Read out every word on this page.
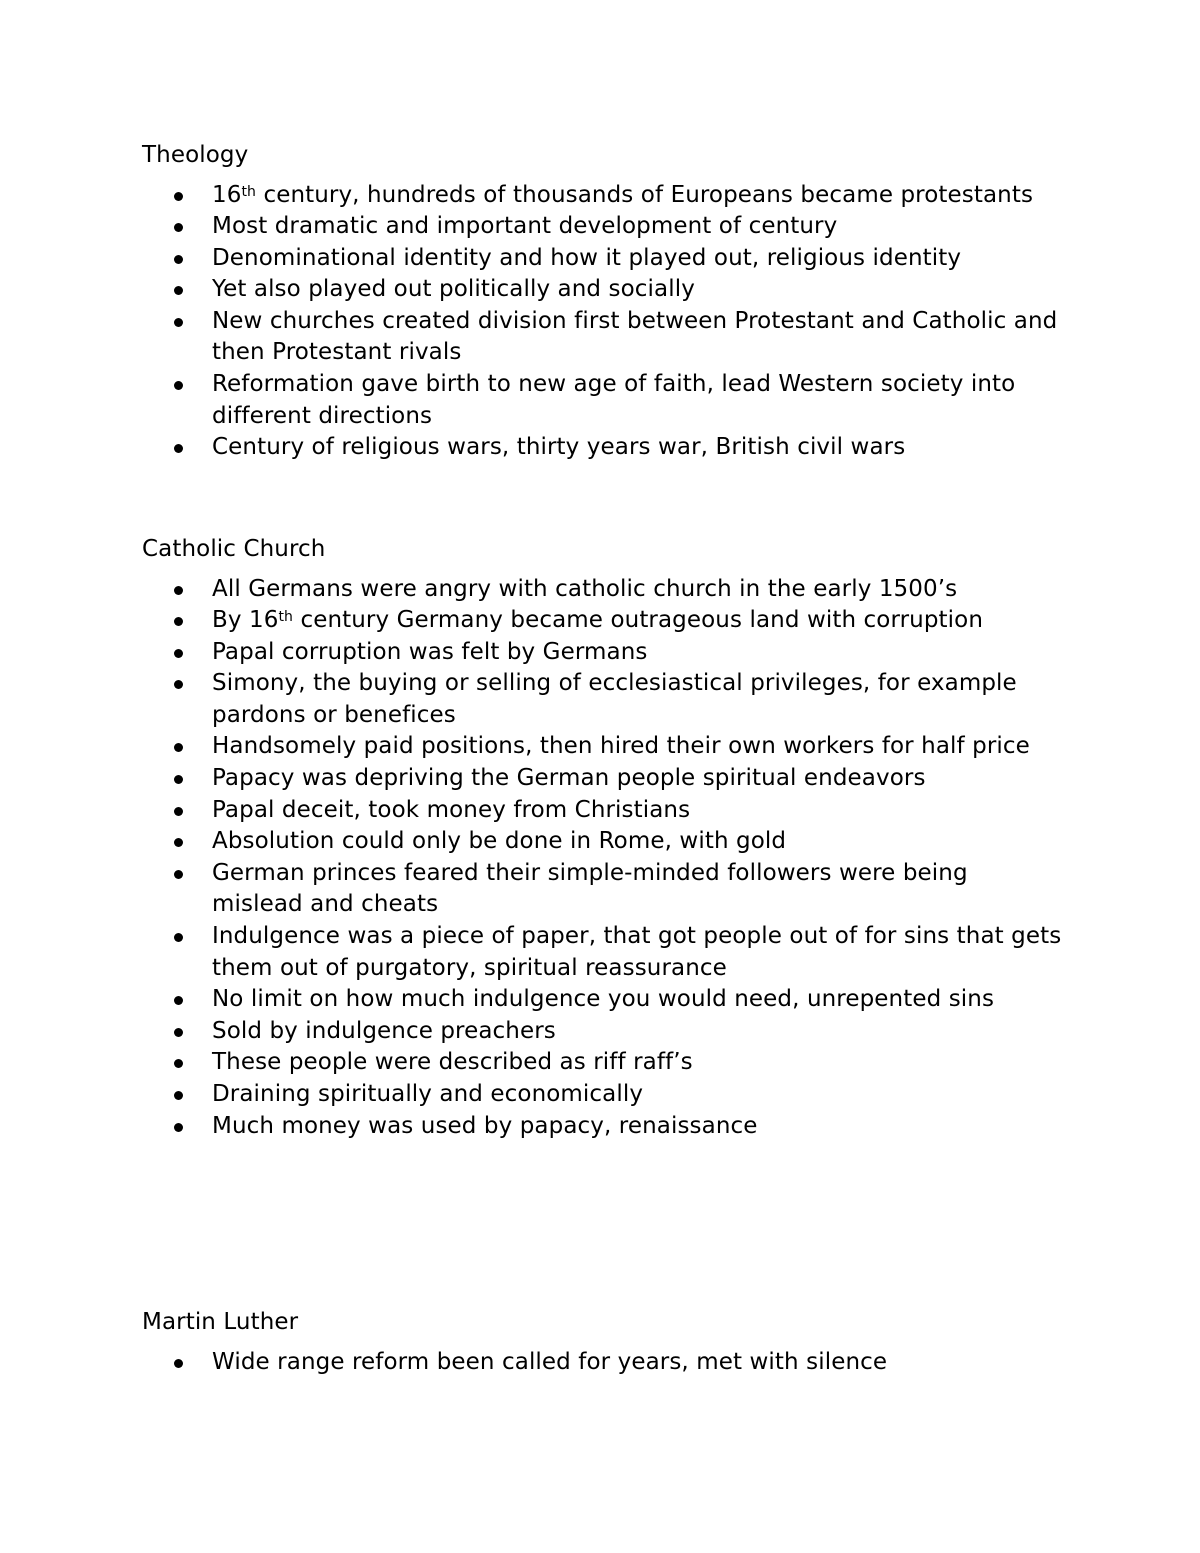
Theology
16th century, hundreds of thousands of Europeans became protestants
Most dramatic and important development of century
Denominational identity and how it played out, religious identity
Yet also played out politically and socially
New churches created division first between Protestant and Catholic and then Protestant rivals
Reformation gave birth to new age of faith, lead Western society into different directions
Century of religious wars, thirty years war, British civil wars
Catholic Church
All Germans were angry with catholic church in the early 1500’s
By 16th century Germany became outrageous land with corruption
Papal corruption was felt by Germans
Simony, the buying or selling of ecclesiastical privileges, for example pardons or benefices
Handsomely paid positions, then hired their own workers for half price
Papacy was depriving the German people spiritual endeavors
Papal deceit, took money from Christians
Absolution could only be done in Rome, with gold
German princes feared their simple-minded followers were being mislead and cheats
Indulgence was a piece of paper, that got people out of for sins that gets them out of purgatory, spiritual reassurance
No limit on how much indulgence you would need, unrepented sins
Sold by indulgence preachers
These people were described as riff raff’s
Draining spiritually and economically
Much money was used by papacy, renaissance
Martin Luther
Wide range reform been called for years, met with silence
